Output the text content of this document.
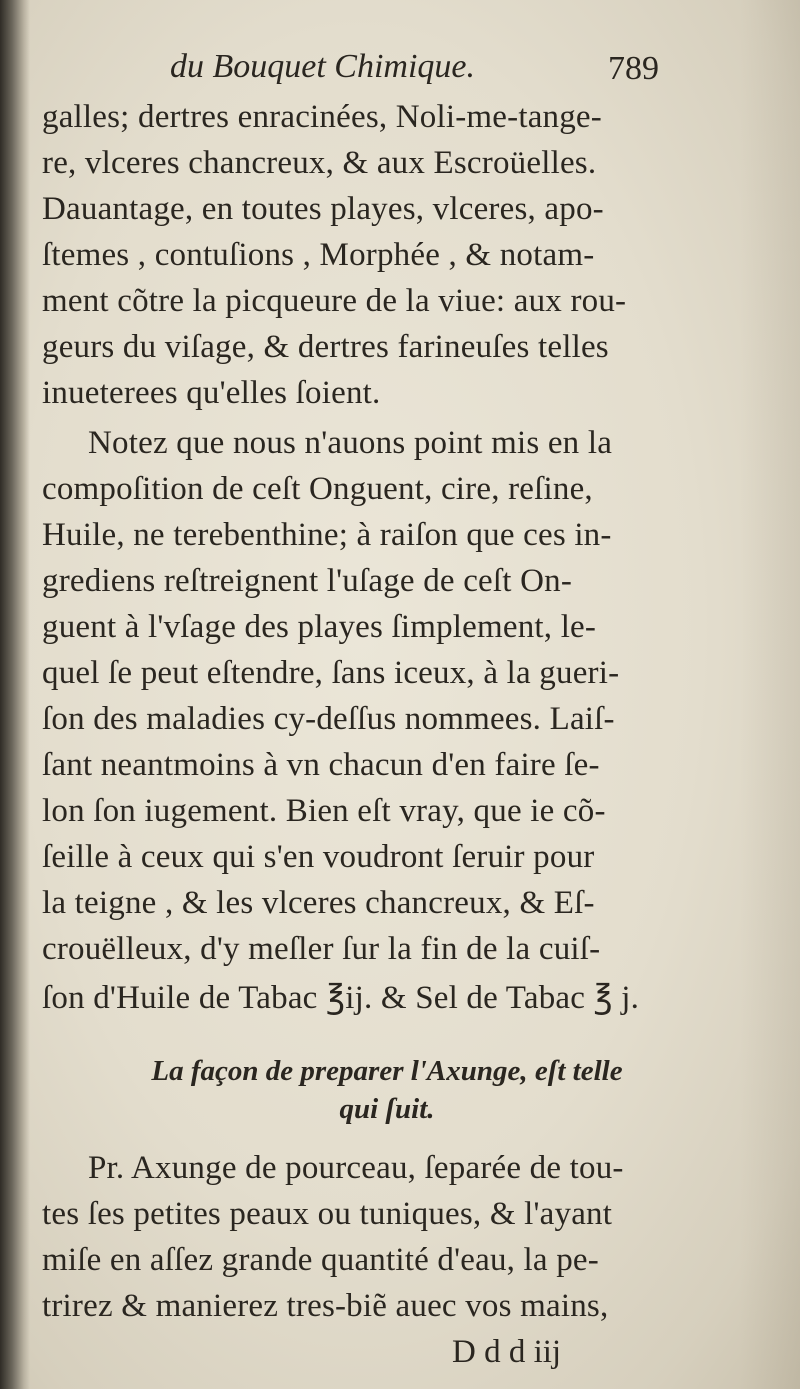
du Bouquet Chimique.	789
galles; dertres enracinées, Noli-me-tange-
re, vlceres chancreux, & aux Escroüelles.
Dauantage, en toutes playes, vlceres, apo-
ſtemes , contuſions , Morphée , & notam-
ment cõtre la picqueure de la viue: aux rou-
geurs du viſage, & dertres farineuſes telles
inueterees qu'elles ſoient.
Notez que nous n'auons point mis en la
compoſition de ceſt Onguent, cire, reſine,
Huile, ne terebenthine; à raiſon que ces in-
grediens reſtreignent l'uſage de ceſt On-
guent à l'vſage des playes ſimplement, le-
quel ſe peut eſtendre, ſans iceux, à la gueri-
ſon des maladies cy-deſſus nommees. Laiſ-
ſant neantmoins à vn chacun d'en faire ſe-
lon ſon iugement. Bien eſt vray, que ie cõ-
ſeille à ceux qui s'en voudront ſeruir pour
la teigne , & les vlceres chancreux, & Eſ-
crouëlleux, d'y meſler ſur la fin de la cuiſ-
ſon d'Huile de Tabac ℥ij. & Sel de Tabac ℥ j.
La façon de preparer l'Axunge, eſt telle
qui ſuit.
Pr. Axunge de pourceau, ſeparée de tou-
tes ſes petites peaux ou tuniques, & l'ayant
miſe en aſſez grande quantité d'eau, la pe-
trirez & manierez tres-biẽ auec vos mains,
D d d iij
